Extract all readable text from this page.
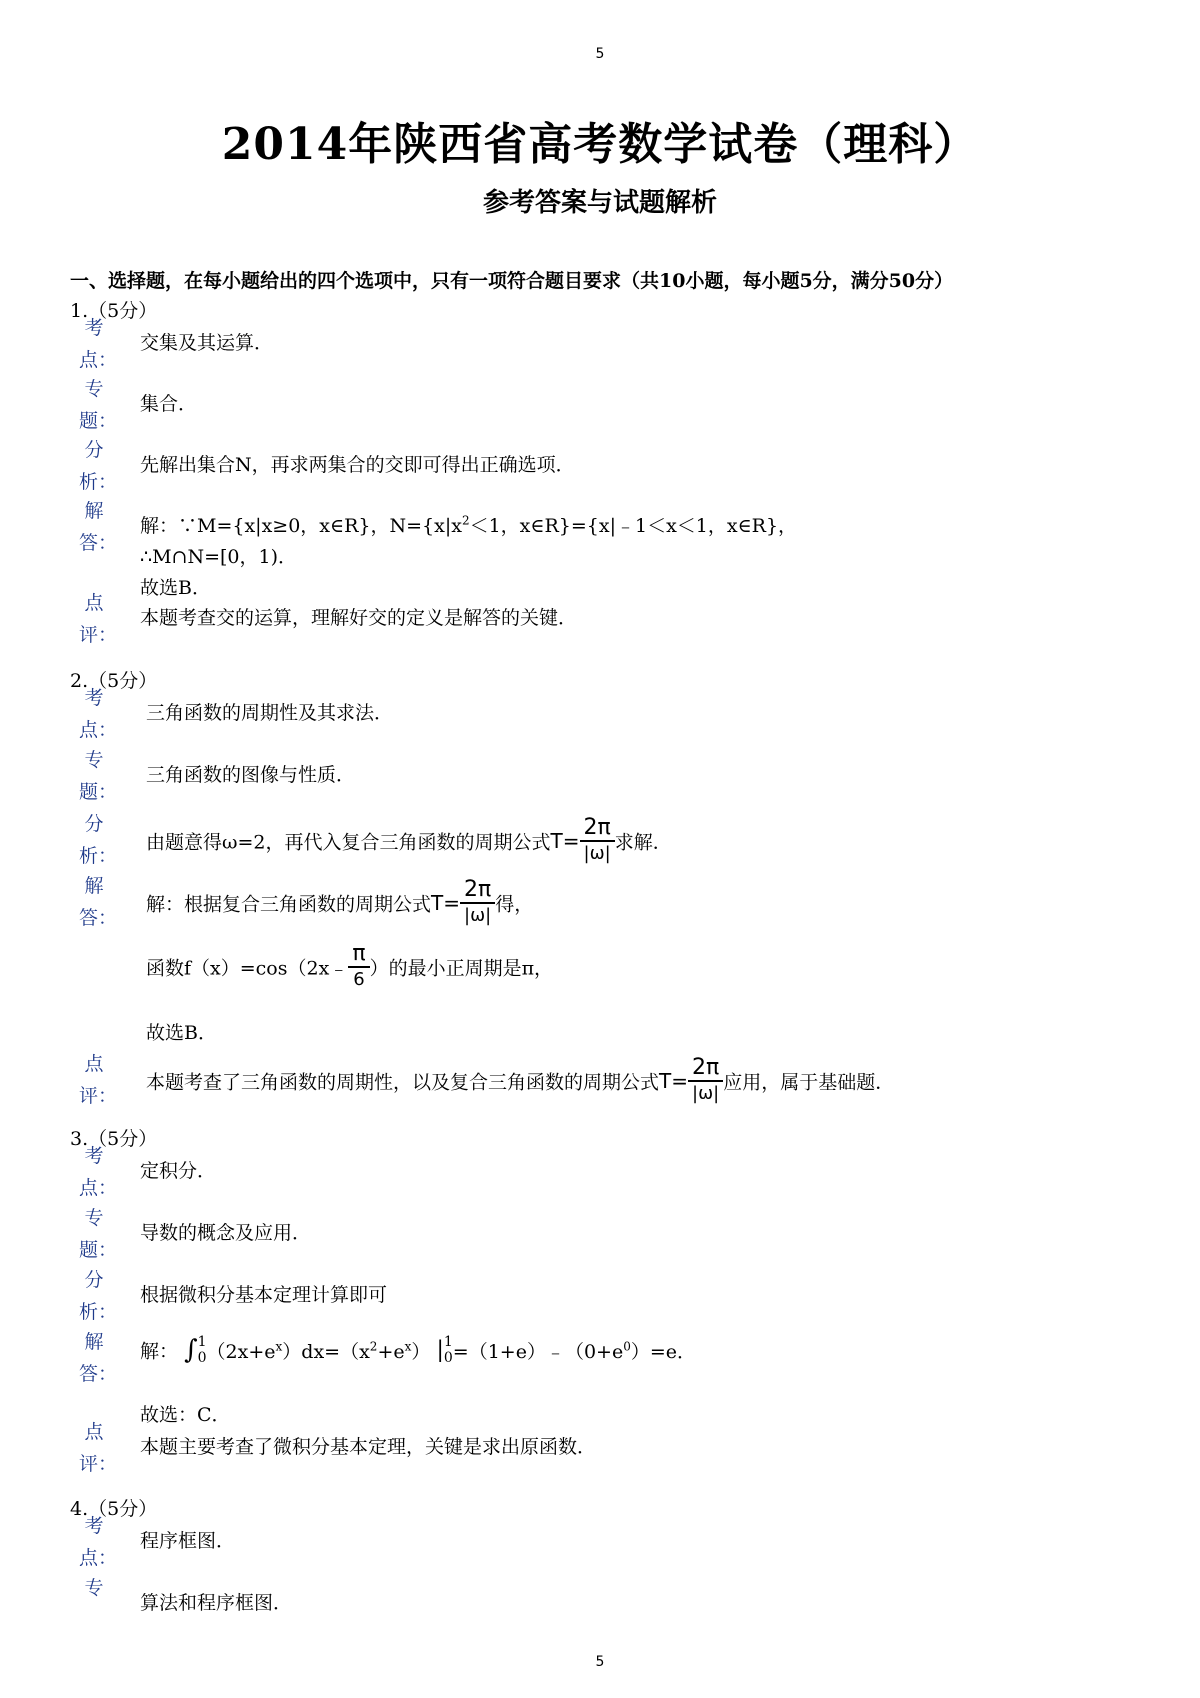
5
2014年陕西省高考数学试卷（理科）
参考答案与试题解析
一、选择题，在每小题给出的四个选项中，只有一项符合题目要求（共10小题，每小题5分，满分50分）
1.（5分）
考
点：
交集及其运算．
专
题：
集合．
分
析：
先解出集合N，再求两集合的交即可得出正确选项．
解
答：
解：∵M={x|x≥0，x∈R}，$N=\{x|x^2<1$，x∈R}={x|﹣1＜x＜1，x∈R}，
∴M∩N=[0，1)．
故选B．
点
评：
本题考查交的运算，理解好交的定义是解答的关键．
2.（5分）
考
点：
三角函数的周期性及其求法．
专
题：
三角函数的图像与性质．
分
析：
由题意得ω=2，再代入复合三角函数的周期公式$T= \frac{2\pi}{|\omega|}$ 求解．
解
答：
解：根据复合三角函数的周期公式$T= \frac{2\pi}{|\omega|}$ 得，
函数f（x）=cos（2x﹣ $\frac{\pi}{6}$ ）的最小正周期是π，
故选B．
点
评：
本题考查了三角函数的周期性，以及复合三角函数的周期公式$T= \frac{2\pi}{|\omega|}$ 应用，属于基础题．
3.（5分）
考
点：
定积分．
专
题：
导数的概念及应用．
分
析：
根据微积分基本定理计算即可
解
答：
解： ∫1
$0(2x+e^x)dx=(x^2+e^x)$ |1
$0=(1+e)﹣(0+e^0)=e$．
故选：C．
点
评：
本题主要考查了微积分基本定理，关键是求出原函数．
4.（5分）
考
点：
程序框图．
专
算法和程序框图．
5
